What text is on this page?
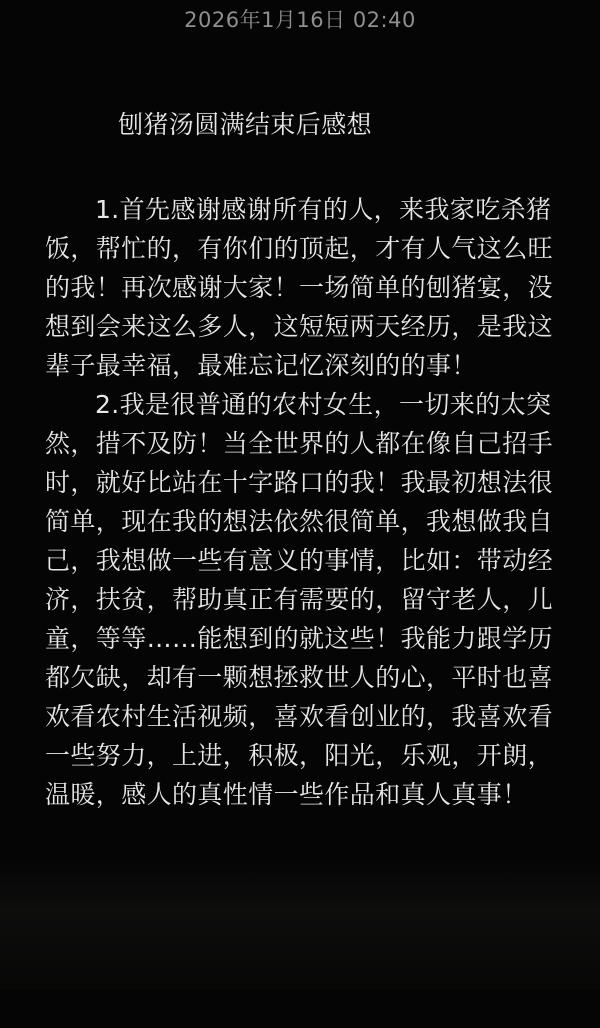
2026年1月16日 02:40
刨猪汤圆满结束后感想
1.首先感谢感谢所有的人，来我家吃杀猪
饭，帮忙的，有你们的顶起，才有人气这么旺
的我！再次感谢大家！一场简单的刨猪宴，没
想到会来这么多人，这短短两天经历，是我这
辈子最幸福，最难忘记忆深刻的的事！
2.我是很普通的农村女生，一切来的太突
然，措不及防！当全世界的人都在像自己招手
时，就好比站在十字路口的我！我最初想法很
简单，现在我的想法依然很简单，我想做我自
己，我想做一些有意义的事情，比如：带动经
济，扶贫，帮助真正有需要的，留守老人，儿
童，等等……能想到的就这些！我能力跟学历
都欠缺，却有一颗想拯救世人的心，平时也喜
欢看农村生活视频，喜欢看创业的，我喜欢看
一些努力，上进，积极，阳光，乐观，开朗，
温暖，感人的真性情一些作品和真人真事！
